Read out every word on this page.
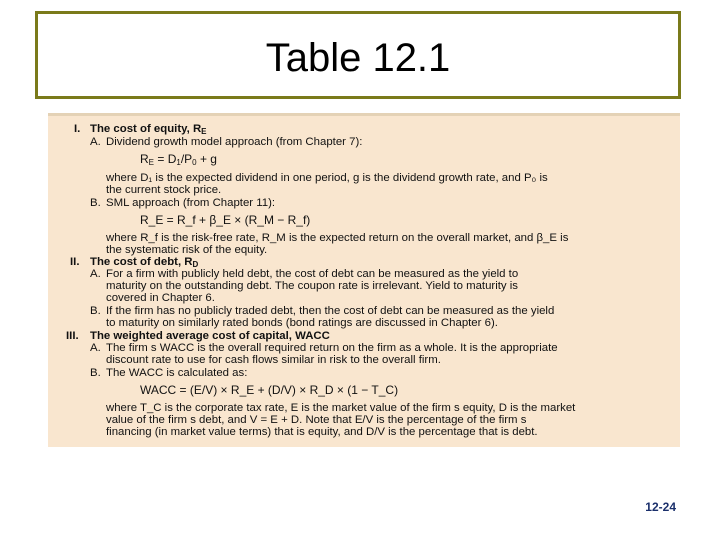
Table 12.1
I. The cost of equity, $R_E$
A. Dividend growth model approach (from Chapter 7):
$R_E = D_1/P_0 + g$
where D₁ is the expected dividend in one period, g is the dividend growth rate, and P₀ is
the current stock price.
B. SML approach (from Chapter 11):
R_E = R_f + β_E × (R_M − R_f)
where R_f is the risk-free rate, R_M is the expected return on the overall market, and β_E is
the systematic risk of the equity.
II. The cost of debt, $R_D$
A. For a firm with publicly held debt, the cost of debt can be measured as the yield to
maturity on the outstanding debt. The coupon rate is irrelevant. Yield to maturity is
covered in Chapter 6.
B. If the firm has no publicly traded debt, then the cost of debt can be measured as the yield
to maturity on similarly rated bonds (bond ratings are discussed in Chapter 6).
III. The weighted average cost of capital, WACC
A. The firm s WACC is the overall required return on the firm as a whole. It is the appropriate
discount rate to use for cash flows similar in risk to the overall firm.
B. The WACC is calculated as:
WACC = (E/V) × R_E + (D/V) × R_D × (1 − T_C)
where T_C is the corporate tax rate, E is the market value of the firm s equity, D is the market
value of the firm s debt, and V = E + D. Note that E/V is the percentage of the firm s
financing (in market value terms) that is equity, and D/V is the percentage that is debt.
12-24
